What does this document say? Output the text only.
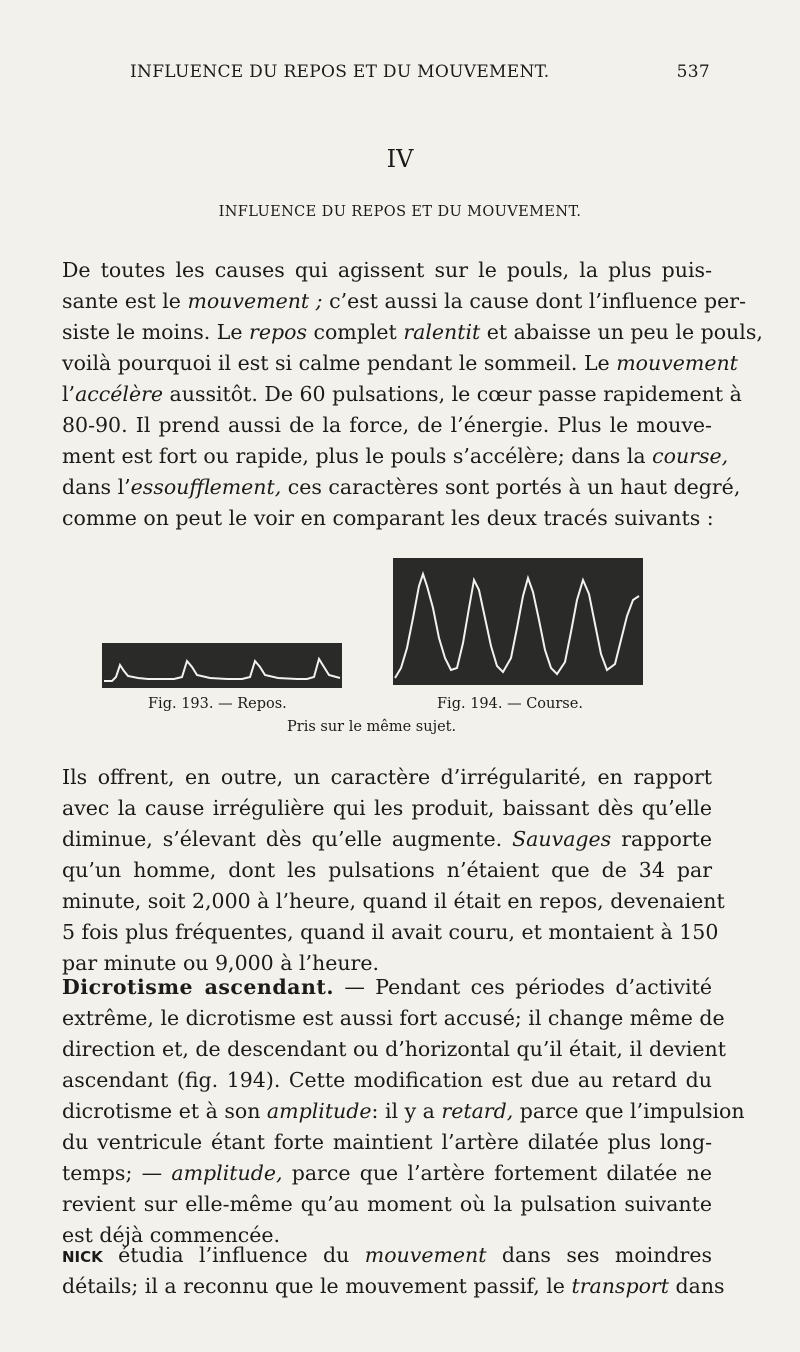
INFLUENCE DU REPOS ET DU MOUVEMENT.	537
IV
INFLUENCE DU REPOS ET DU MOUVEMENT.
De toutes les causes qui agissent sur le pouls, la plus puis-
sante est le mouvement ; c’est aussi la cause dont l’influence per-
siste le moins. Le repos complet ralentit et abaisse un peu le pouls,
voilà pourquoi il est si calme pendant le sommeil. Le mouvement
l’accélère aussitôt. De 60 pulsations, le cœur passe rapidement à
80-90. Il prend aussi de la force, de l’énergie. Plus le mouve-
ment est fort ou rapide, plus le pouls s’accélère; dans la course,
dans l’essoufflement, ces caractères sont portés à un haut degré,
comme on peut le voir en comparant les deux tracés suivants :
Fig. 193. — Repos.	Fig. 194. — Course.
Pris sur le même sujet.
Ils offrent, en outre, un caractère d’irrégularité, en rapport
avec la cause irrégulière qui les produit, baissant dès qu’elle
diminue, s’élevant dès qu’elle augmente. Sauvages rapporte
qu’un homme, dont les pulsations n’étaient que de 34 par
minute, soit 2,000 à l’heure, quand il était en repos, devenaient
5 fois plus fréquentes, quand il avait couru, et montaient à 150
par minute ou 9,000 à l’heure.
Dicrotisme ascendant. — Pendant ces périodes d’activité
extrême, le dicrotisme est aussi fort accusé; il change même de
direction et, de descendant ou d’horizontal qu’il était, il devient
ascendant (fig. 194). Cette modification est due au retard du
dicrotisme et à son amplitude: il y a retard, parce que l’impulsion
du ventricule étant forte maintient l’artère dilatée plus long-
temps; — amplitude, parce que l’artère fortement dilatée ne
revient sur elle-même qu’au moment où la pulsation suivante
est déjà commencée.
NICK étudia l’influence du mouvement dans ses moindres
détails; il a reconnu que le mouvement passif, le transport dans
